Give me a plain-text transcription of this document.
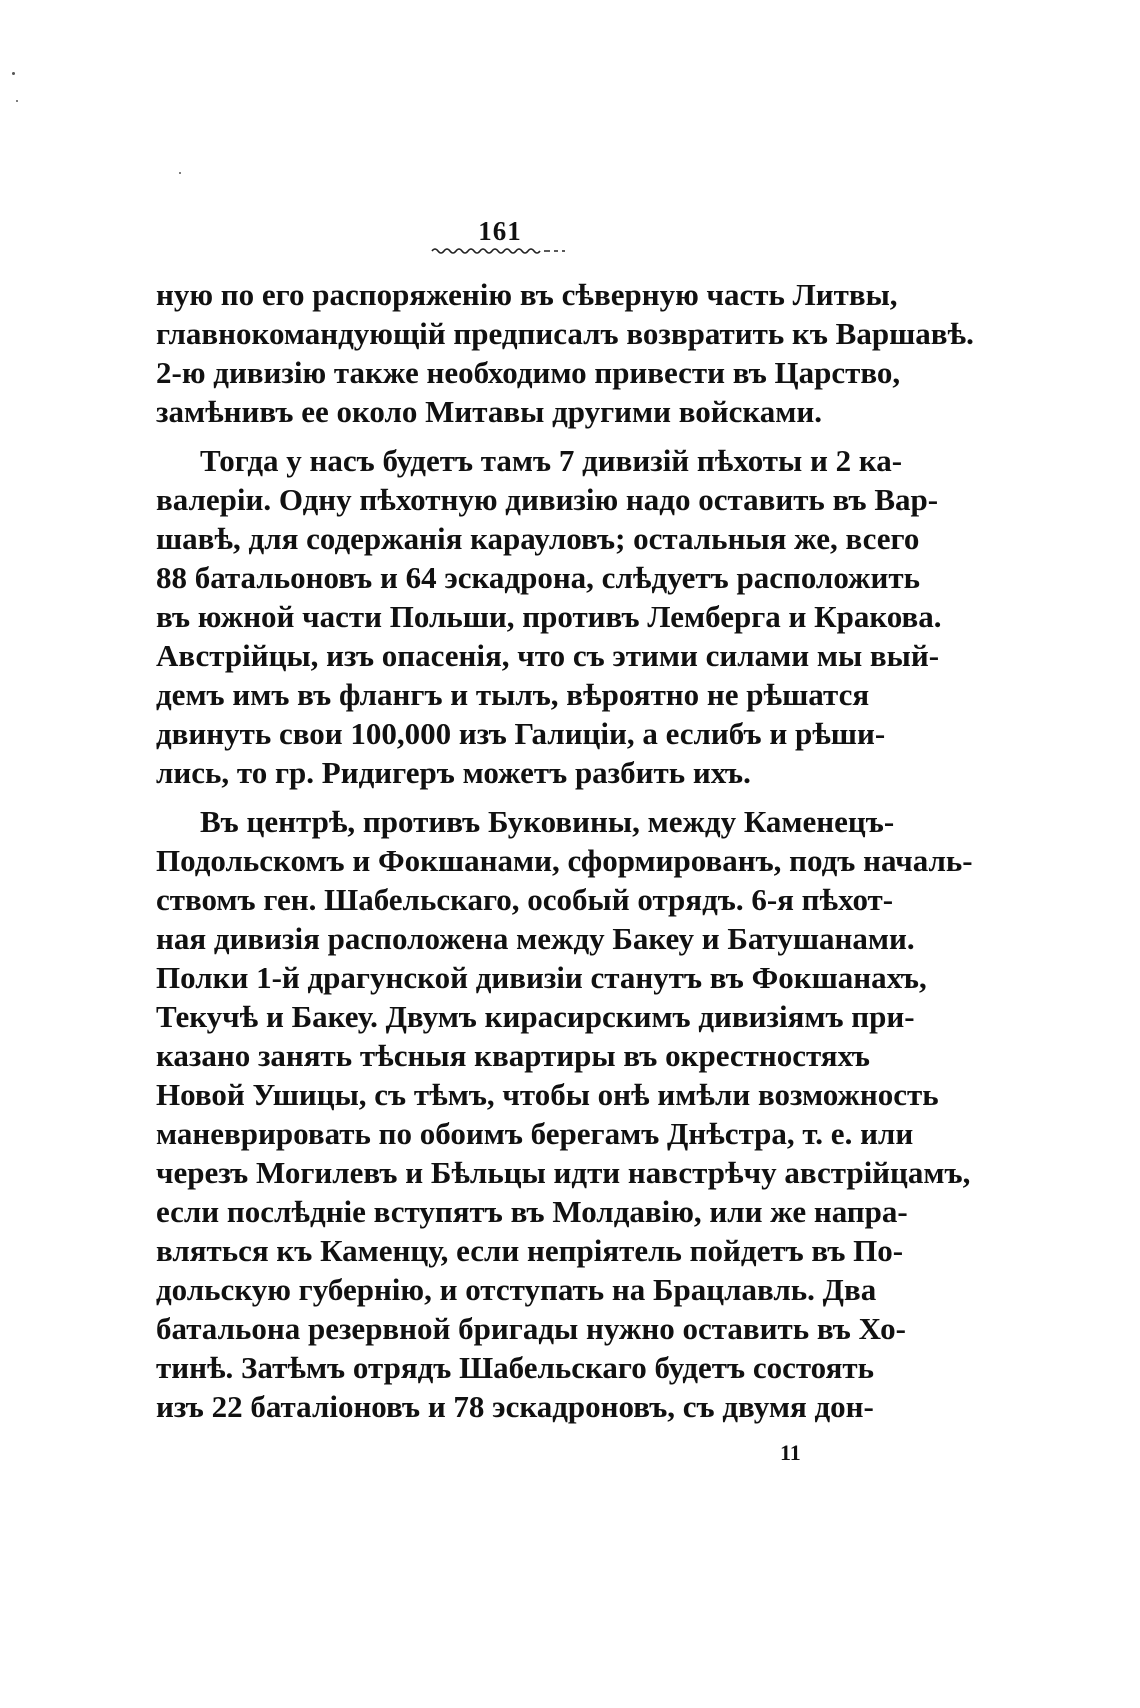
161
ную по его распоряженію въ сѣверную часть Литвы,
главнокомандующій предписалъ возвратить къ Варшавѣ.
2-ю дивизію также необходимо привести въ Царство,
замѣнивъ ее около Митавы другими войсками.
Тогда у насъ будетъ тамъ 7 дивизій пѣхоты и 2 ка-
валеріи. Одну пѣхотную дивизію надо оставить въ Вар-
шавѣ, для содержанія карауловъ; остальныя же, всего
88 батальоновъ и 64 эскадрона, слѣдуетъ расположить
въ южной части Польши, противъ Лемберга и Кракова.
Австрійцы, изъ опасенія, что съ этими силами мы вый-
демъ имъ въ флангъ и тылъ, вѣроятно не рѣшатся
двинуть свои 100,000 изъ Галиціи, а еслибъ и рѣши-
лись, то гр. Ридигеръ можетъ разбить ихъ.
Въ центрѣ, противъ Буковины, между Каменецъ-
Подольскомъ и Фокшанами, сформированъ, подъ началь-
ствомъ ген. Шабельскаго, особый отрядъ. 6-я пѣхот-
ная дивизія расположена между Бакеу и Батушанами.
Полки 1-й драгунской дивизіи станутъ въ Фокшанахъ,
Текучѣ и Бакеу. Двумъ кирасирскимъ дивизіямъ при-
казано занять тѣсныя квартиры въ окрестностяхъ
Новой Ушицы, съ тѣмъ, чтобы онѣ имѣли возможность
маневрировать по обоимъ берегамъ Днѣстра, т. е. или
черезъ Могилевъ и Бѣльцы идти навстрѣчу австрійцамъ,
если послѣдніе вступятъ въ Молдавію, или же напра-
вляться къ Каменцу, если непріятель пойдетъ въ По-
дольскую губернію, и отступать на Брацлавль. Два
батальона резервной бригады нужно оставить въ Хо-
тинѣ. Затѣмъ отрядъ Шабельскаго будетъ состоять
изъ 22 баталіоновъ и 78 эскадроновъ, съ двумя дон-
11
